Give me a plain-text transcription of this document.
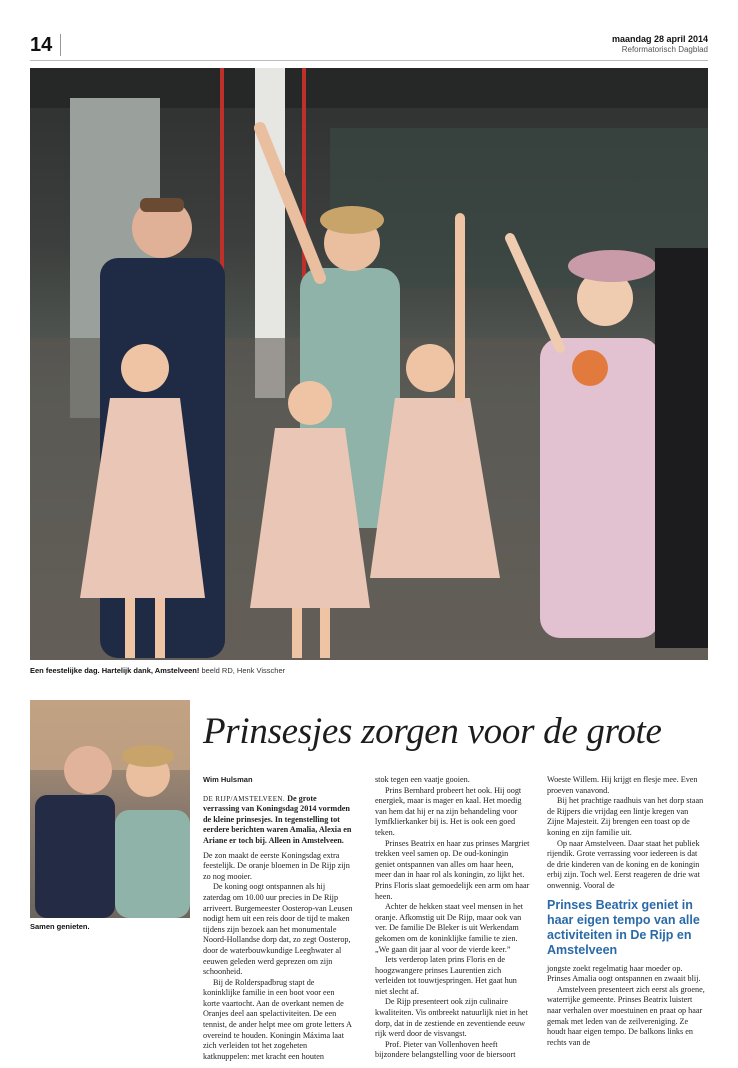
14	maandag 28 april 2014
Reformatorisch Dagblad
Een feestelijke dag. Hartelijk dank, Amstelveen! beeld RD, Henk Visscher
Samen genieten.
Prinsesjes zorgen voor de grote

Wim Hulsman

DE RIJP/AMSTELVEEN. De grote verrassing van Koningsdag 2014 vormden de kleine prinsesjes. In tegenstelling tot eerdere berichten waren Amalia, Alexia en Ariane er toch bij. Alleen in Amstelveen.

De zon maakt de eerste Koningsdag extra feestelijk. De oranje bloemen in De Rijp zijn zo nog mooier.

De koning oogt ontspannen als hij zaterdag om 10.00 uur precies in De Rijp arriveert. Burgemeester Oosterop-van Leusen nodigt hem uit een reis door de tijd te maken tijdens zijn bezoek aan het monumentale Noord-Hollandse dorp dat, zo zegt Oosterop, door de waterbouwkundige Leeghwater al eeuwen geleden werd geprezen om zijn schoonheid.

Bij de Rolderspadbrug stapt de koninklijke familie in een boot voor een korte vaartocht. Aan de overkant nemen de Oranjes deel aan spelactiviteiten. De een tennist, de ander helpt mee om grote letters A overeind te houden. Koningin Máxima laat zich verleiden tot het zogeheten katknuppelen: met kracht een houten

stok tegen een vaatje gooien.

Prins Bernhard probeert het ook. Hij oogt energiek, maar is mager en kaal. Het moedig van hem dat hij er na zijn behandeling voor lymfklierkanker bij is. Het is ook een goed teken.

Prinses Beatrix en haar zus prinses Margriet trekken veel samen op. De oud-koningin geniet ontspannen van alles om haar heen, meer dan in haar rol als koningin, zo lijkt het. Prins Floris slaat gemoedelijk een arm om haar heen.

Achter de hekken staat veel mensen in het oranje. Afkomstig uit De Rijp, maar ook van ver. De familie De Bleker is uit Werkendam gekomen om de koninklijke familie te zien. „We gaan dit jaar al voor de vierde keer.”

Iets verderop laten prins Floris en de hoogzwangere prinses Laurentien zich verleiden tot touwtjespringen. Het gaat hun niet slecht af.

De Rijp presenteert ook zijn culinaire kwaliteiten. Vis ontbreekt natuurlijk niet in het dorp, dat in de zestiende en zeventiende eeuw rijk werd door de visvangst.

Prof. Pieter van Vollenhoven heeft bijzondere belangstelling voor de biersoort

Woeste Willem. Hij krijgt en flesje mee. Even proeven vanavond.

Bij het prachtige raadhuis van het dorp staan de Rijpers die vrijdag een lintje kregen van Zijne Majesteit. Zij brengen een toast op de koning en zijn familie uit.

Op naar Amstelveen. Daar staat het publiek rijendik. Grote verrassing voor iedereen is dat de drie kinderen van de koning en de koningin erbij zijn. Toch wel. Eerst reageren de drie wat onwennig. Vooral de

Prinses Beatrix geniet in haar eigen tempo van alle activiteiten in De Rijp en Amstelveen

jongste zoekt regelmatig haar moeder op. Prinses Amalia oogt ontspannen en zwaait blij.

Amstelveen presenteert zich eerst als groene, waterrijke gemeente. Prinses Beatrix luistert naar verhalen over moestuinen en praat op haar gemak met leden van de zeilvereniging. Ze houdt haar eigen tempo. De balkons links en rechts van de
